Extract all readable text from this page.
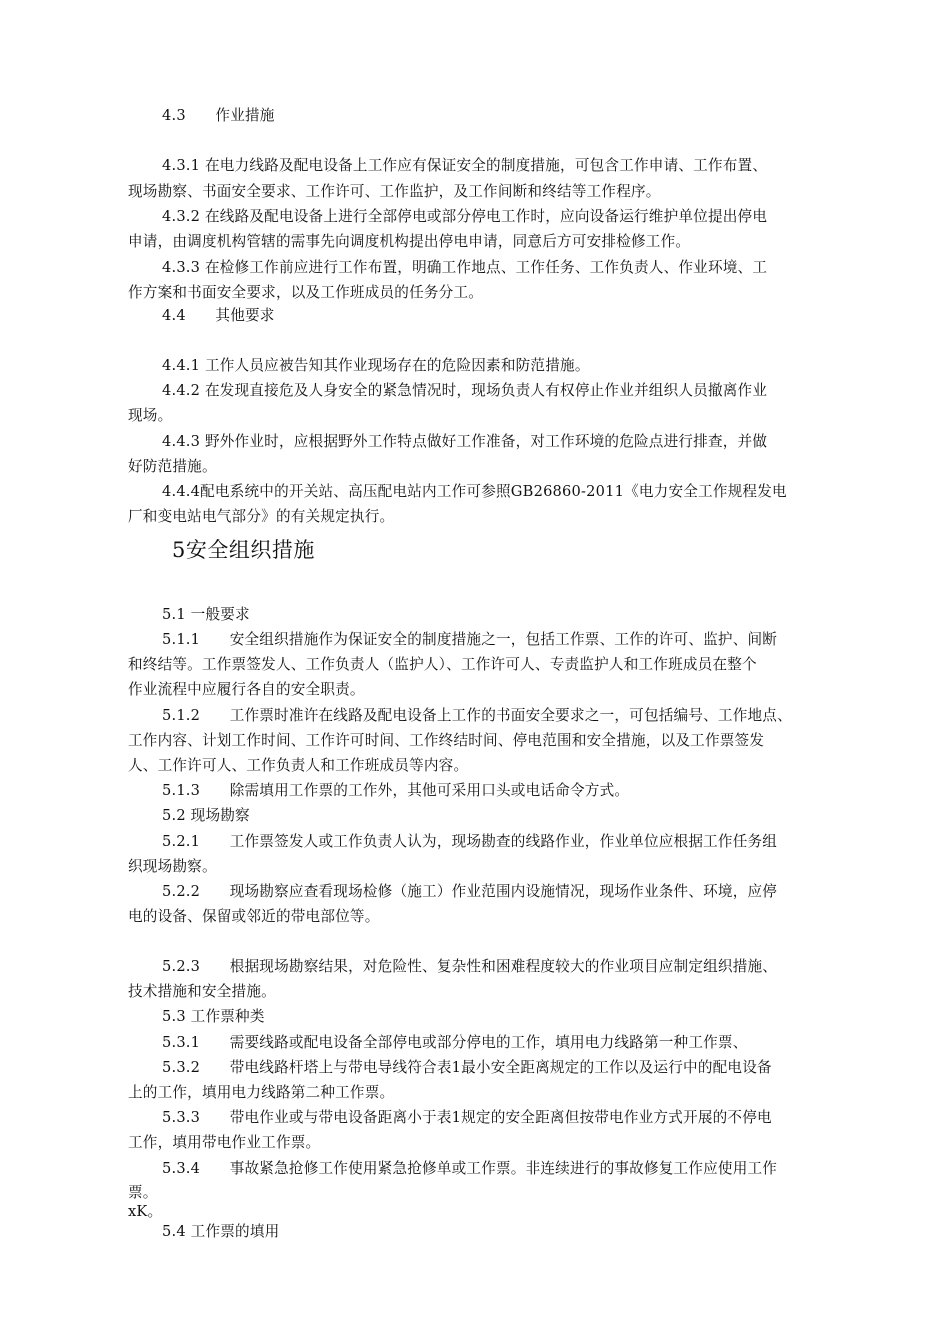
4.3　　作业措施
4.3.1 在电力线路及配电设备上工作应有保证安全的制度措施，可包含工作申请、工作布置、
现场勘察、书面安全要求、工作许可、工作监护，及工作间断和终结等工作程序。
4.3.2 在线路及配电设备上进行全部停电或部分停电工作时，应向设备运行维护单位提出停电
申请，由调度机构管辖的需事先向调度机构提出停电申请，同意后方可安排检修工作。
4.3.3 在检修工作前应进行工作布置，明确工作地点、工作任务、工作负责人、作业环境、工
作方案和书面安全要求，以及工作班成员的任务分工。
4.4　　其他要求
4.4.1 工作人员应被告知其作业现场存在的危险因素和防范措施。
4.4.2 在发现直接危及人身安全的紧急情况时，现场负责人有权停止作业并组织人员撤离作业
现场。
4.4.3 野外作业时，应根据野外工作特点做好工作准备，对工作环境的危险点进行排查，并做
好防范措施。
4.4.4配电系统中的开关站、高压配电站内工作可参照GB26860-2011《电力安全工作规程发电
厂和变电站电气部分》的有关规定执行。
5安全组织措施
5.1 一般要求
5.1.1　　安全组织措施作为保证安全的制度措施之一，包括工作票、工作的许可、监护、间断
和终结等。工作票签发人、工作负责人（监护人）、工作许可人、专责监护人和工作班成员在整个
作业流程中应履行各自的安全职责。
5.1.2　　工作票时准许在线路及配电设备上工作的书面安全要求之一，可包括编号、工作地点、
工作内容、计划工作时间、工作许可时间、工作终结时间、停电范围和安全措施，以及工作票签发
人、工作许可人、工作负责人和工作班成员等内容。
5.1.3　　除需填用工作票的工作外，其他可采用口头或电话命令方式。
5.2 现场勘察
5.2.1　　工作票签发人或工作负责人认为，现场勘查的线路作业，作业单位应根据工作任务组
织现场勘察。
5.2.2　　现场勘察应查看现场检修（施工）作业范围内设施情况，现场作业条件、环境，应停
电的设备、保留或邻近的带电部位等。
5.2.3　　根据现场勘察结果，对危险性、复杂性和困难程度较大的作业项目应制定组织措施、
技术措施和安全措施。
5.3 工作票种类
5.3.1　　需要线路或配电设备全部停电或部分停电的工作，填用电力线路第一种工作票、
5.3.2　　带电线路杆塔上与带电导线符合表1最小安全距离规定的工作以及运行中的配电设备
上的工作，填用电力线路第二种工作票。
5.3.3　　带电作业或与带电设备距离小于表1规定的安全距离但按带电作业方式开展的不停电
工作，填用带电作业工作票。
5.3.4　　事故紧急抢修工作使用紧急抢修单或工作票。非连续进行的事故修复工作应使用工作
票。
xK。
5.4 工作票的填用
